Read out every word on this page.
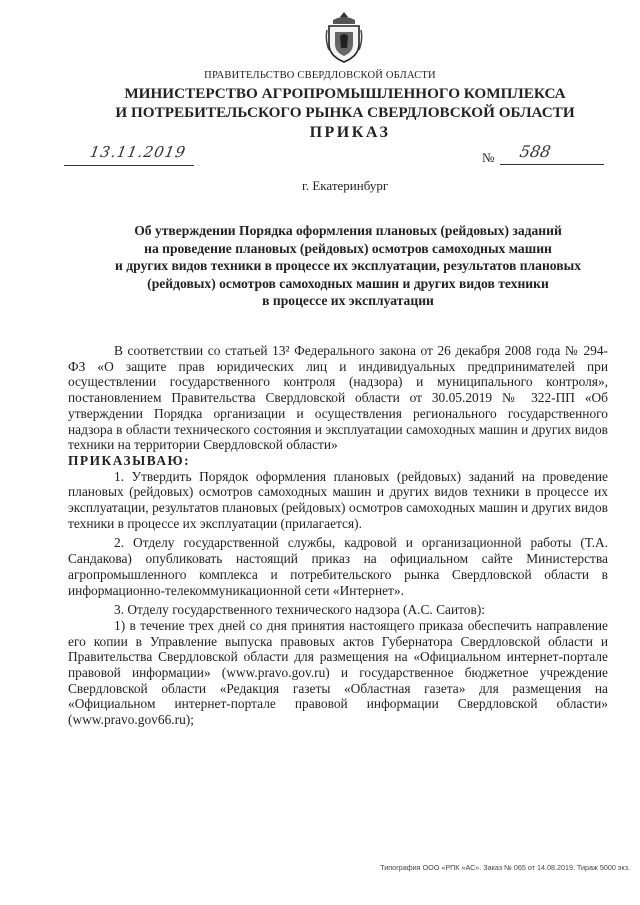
ПРАВИТЕЛЬСТВО СВЕРДЛОВСКОЙ ОБЛАСТИ
МИНИСТЕРСТВО АГРОПРОМЫШЛЕННОГО КОМПЛЕКСА
И ПОТРЕБИТЕЛЬСКОГО РЫНКА СВЕРДЛОВСКОЙ ОБЛАСТИ
ПРИКАЗ
13.11.2019	№ 588
г. Екатеринбург
Об утверждении Порядка оформления плановых (рейдовых) заданий
на проведение плановых (рейдовых) осмотров самоходных машин
и других видов техники в процессе их эксплуатации, результатов плановых
(рейдовых) осмотров самоходных машин и других видов техники
в процессе их эксплуатации

В соответствии со статьей 13² Федерального закона от 26 декабря 2008 года № 294-ФЗ «О защите прав юридических лиц и индивидуальных предпринимателей при осуществлении государственного контроля (надзора) и муниципального контроля», постановлением Правительства Свердловской области от 30.05.2019 № 322-ПП «Об утверждении Порядка организации и осуществления регионального государственного надзора в области технического состояния и эксплуатации самоходных машин и других видов техники на территории Свердловской области»

ПРИКАЗЫВАЮ:

1. Утвердить Порядок оформления плановых (рейдовых) заданий на проведение плановых (рейдовых) осмотров самоходных машин и других видов техники в процессе их эксплуатации, результатов плановых (рейдовых) осмотров самоходных машин и других видов техники в процессе их эксплуатации (прилагается).

2. Отделу государственной службы, кадровой и организационной работы (Т.А. Сандакова) опубликовать настоящий приказ на официальном сайте Министерства агропромышленного комплекса и потребительского рынка Свердловской области в информационно-телекоммуникационной сети «Интернет».

3. Отделу государственного технического надзора (А.С. Саитов):

1) в течение трех дней со дня принятия настоящего приказа обеспечить направление его копии в Управление выпуска правовых актов Губернатора Свердловской области и Правительства Свердловской области для размещения на «Официальном интернет-портале правовой информации» (www.pravo.gov.ru) и государственное бюджетное учреждение Свердловской области «Редакция газеты «Областная газета» для размещения на «Официальном интернет-портале правовой информации Свердловской области» (www.pravo.gov66.ru);

Типография ООО «РПК «АС». Заказ № 065 от 14.08.2019. Тираж 5000 экз.
